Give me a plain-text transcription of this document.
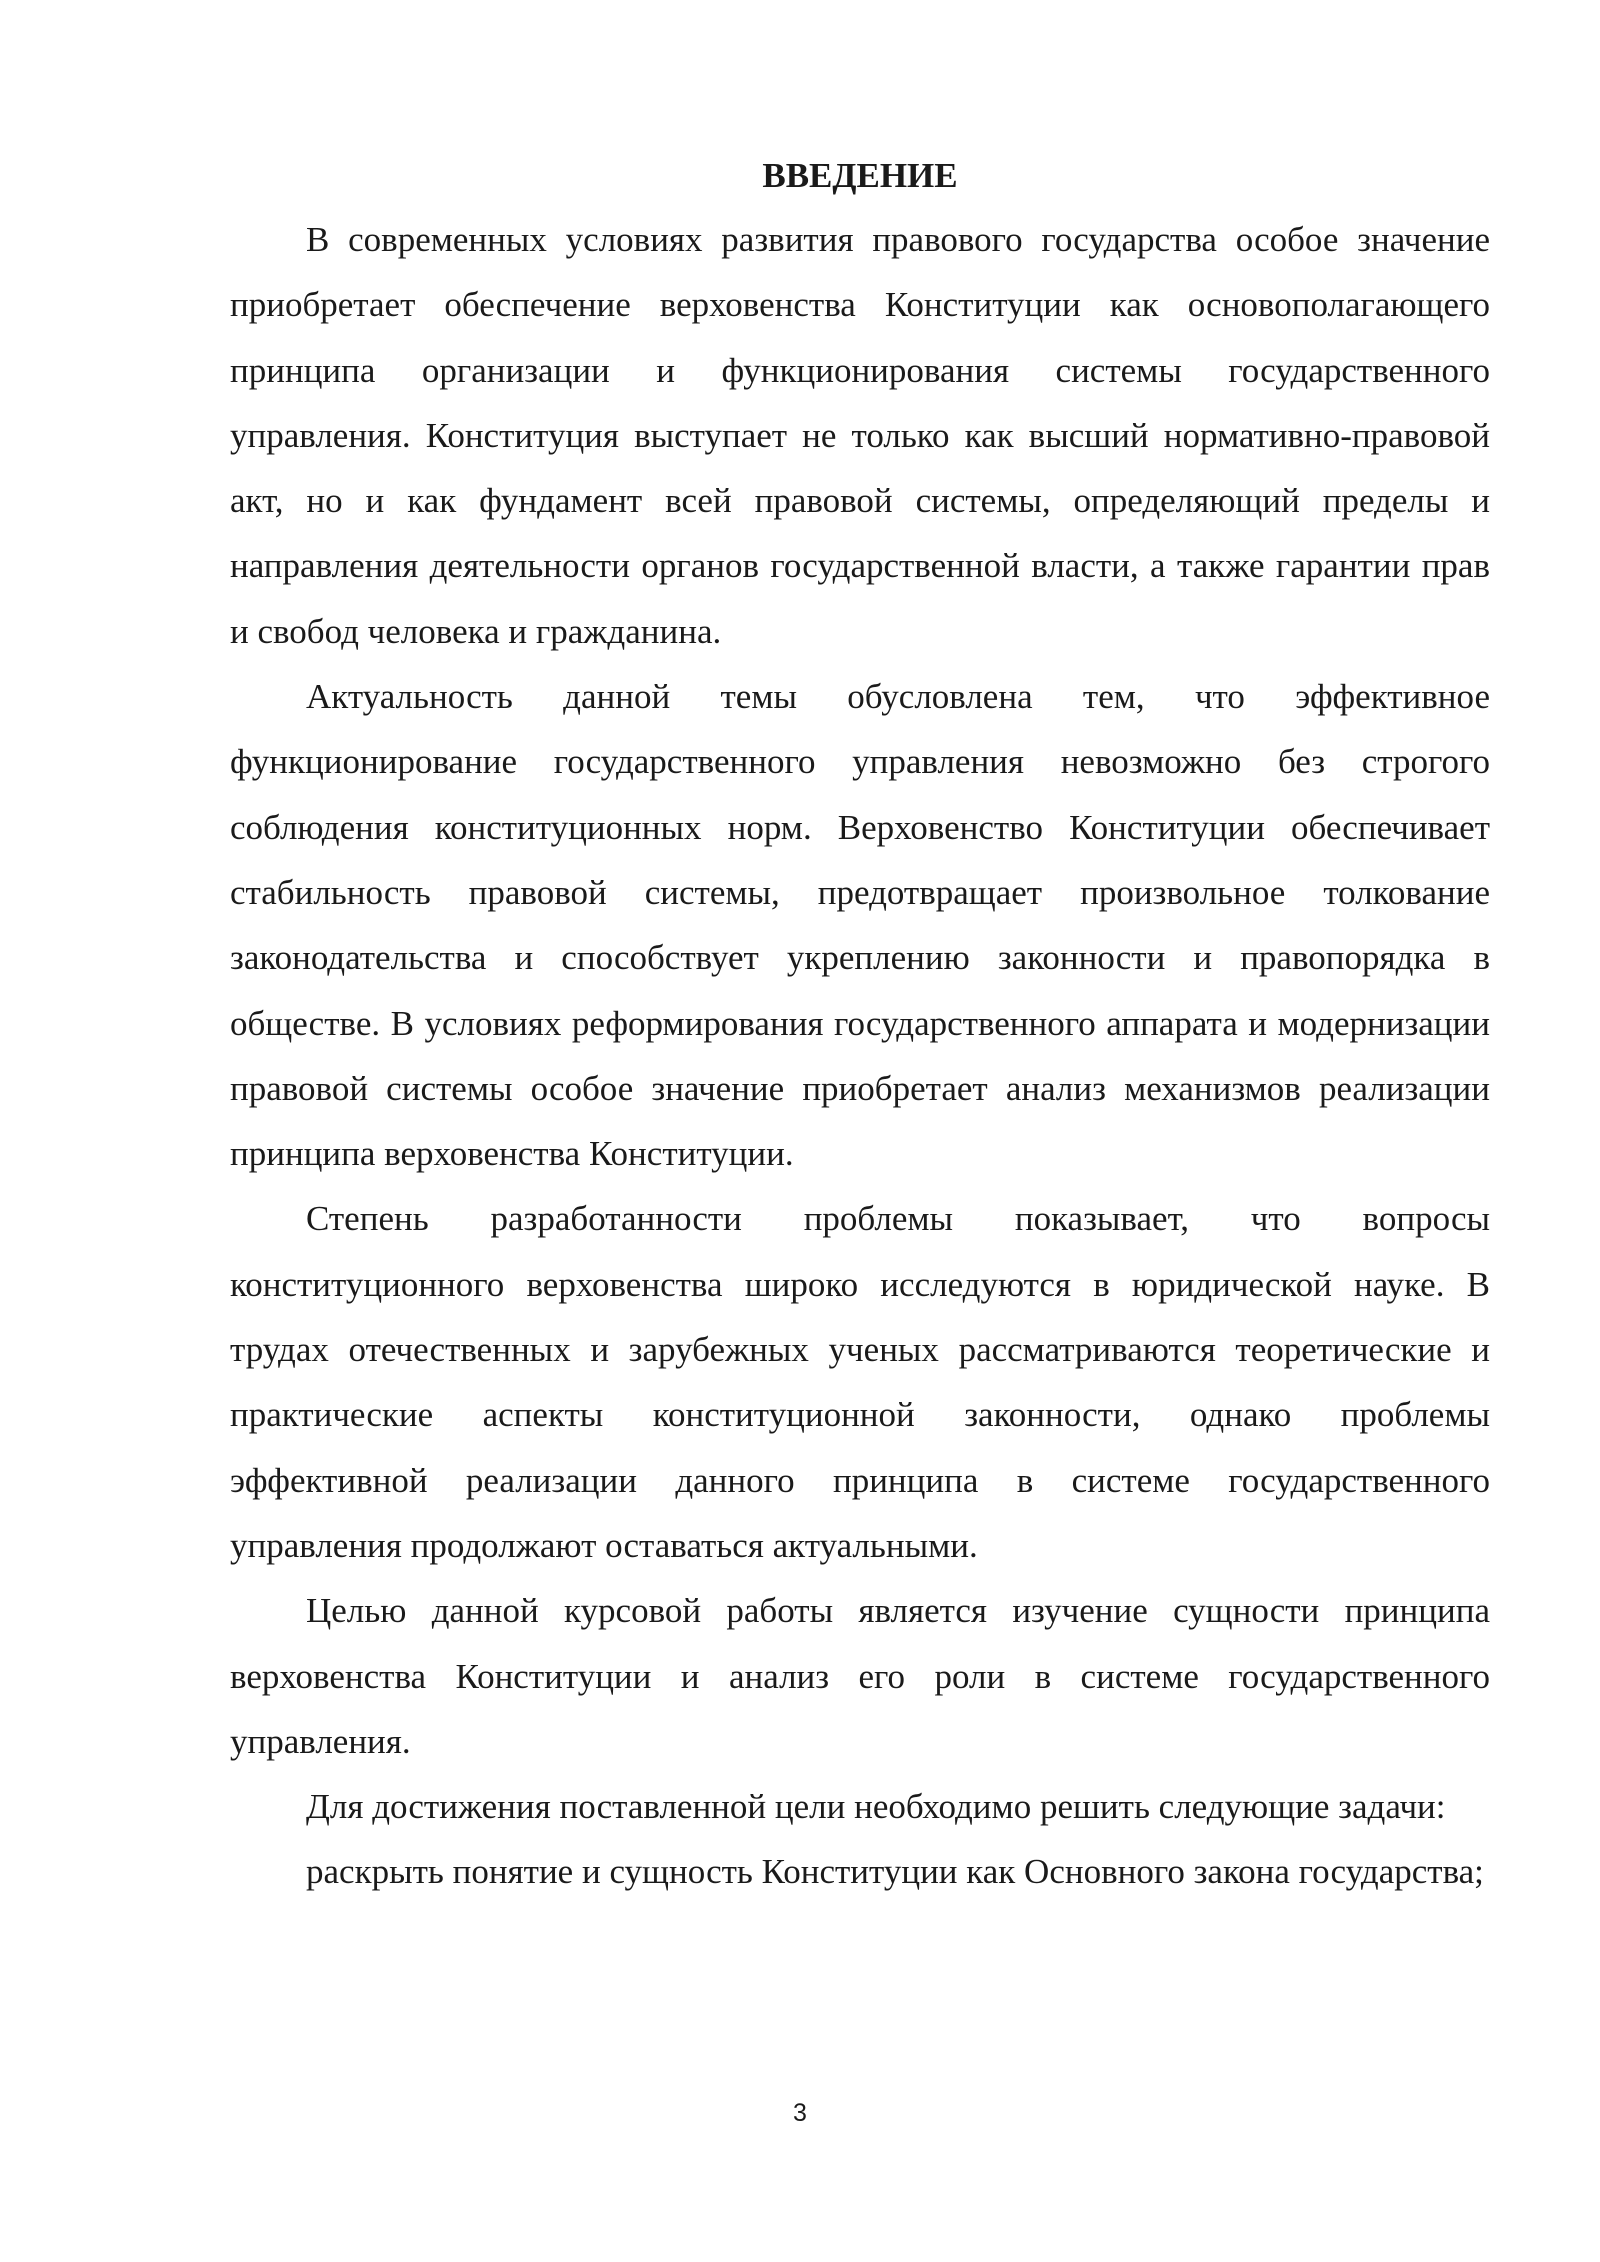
ВВЕДЕНИЕ

В современных условиях развития правового государства особое значение приобретает обеспечение верховенства Конституции как основополагающего принципа организации и функционирования системы государственного управления. Конституция выступает не только как высший нормативно-правовой акт, но и как фундамент всей правовой системы, определяющий пределы и направления деятельности органов государственной власти, а также гарантии прав и свобод человека и гражданина.

Актуальность данной темы обусловлена тем, что эффективное функционирование государственного управления невозможно без строгого соблюдения конституционных норм. Верховенство Конституции обеспечивает стабильность правовой системы, предотвращает произвольное толкование законодательства и способствует укреплению законности и правопорядка в обществе. В условиях реформирования государственного аппарата и модернизации правовой системы особое значение приобретает анализ механизмов реализации принципа верховенства Конституции.

Степень разработанности проблемы показывает, что вопросы конституционного верховенства широко исследуются в юридической науке. В трудах отечественных и зарубежных ученых рассматриваются теоретические и практические аспекты конституционной законности, однако проблемы эффективной реализации данного принципа в системе государственного управления продолжают оставаться актуальными.

Целью данной курсовой работы является изучение сущности принципа верховенства Конституции и анализ его роли в системе государственного управления.

Для достижения поставленной цели необходимо решить следующие задачи:

раскрыть понятие и сущность Конституции как Основного закона государства;

3
